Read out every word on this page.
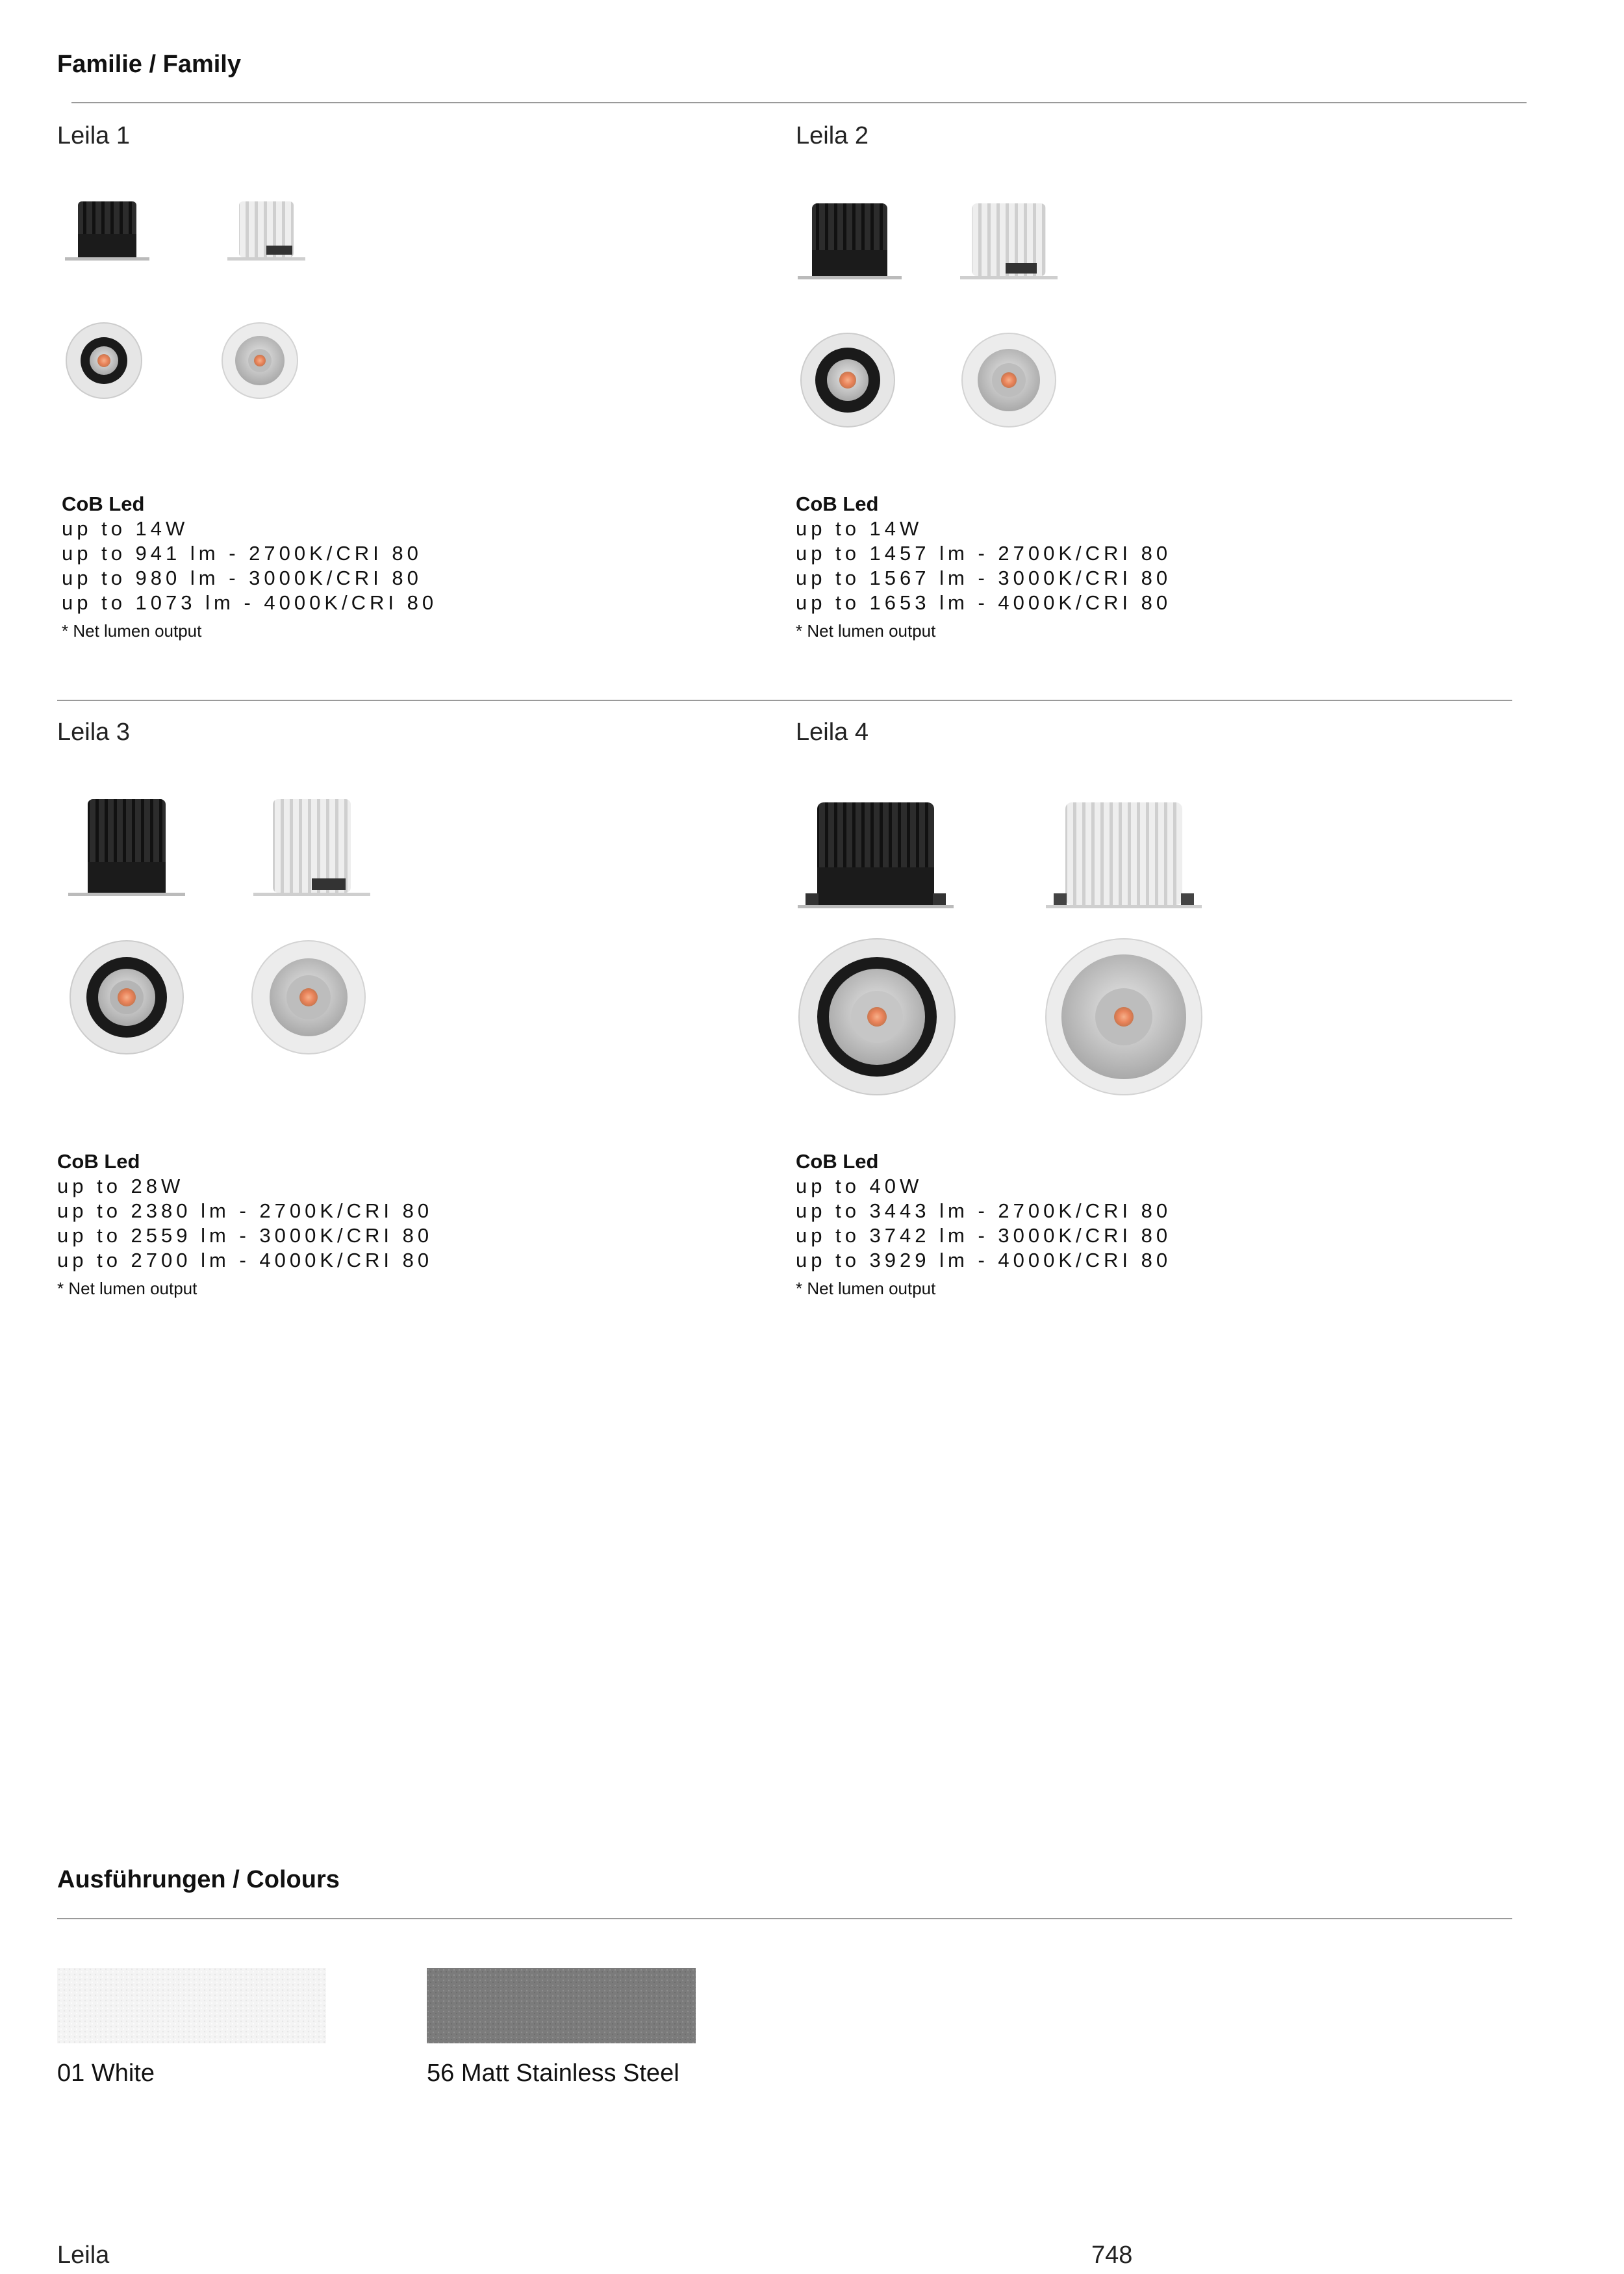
Familie / Family
Leila 1
CoB Led
up to 14W
up to 941 lm - 2700K/CRI 80
up to 980 lm - 3000K/CRI 80
up to 1073 lm - 4000K/CRI 80
* Net lumen output
Leila 2
CoB Led
up to 14W
up to 1457 lm - 2700K/CRI 80
up to 1567 lm - 3000K/CRI 80
up to 1653 lm - 4000K/CRI 80
* Net lumen output
Leila 3
CoB Led
up to 28W
up to 2380 lm - 2700K/CRI 80
up to 2559 lm - 3000K/CRI 80
up to 2700 lm - 4000K/CRI 80
* Net lumen output
Leila 4
CoB Led
up to 40W
up to 3443 lm - 2700K/CRI 80
up to 3742 lm - 3000K/CRI 80
up to 3929 lm - 4000K/CRI 80
* Net lumen output
Ausführungen / Colours
01 White	56 Matt Stainless Steel
Leila	748
